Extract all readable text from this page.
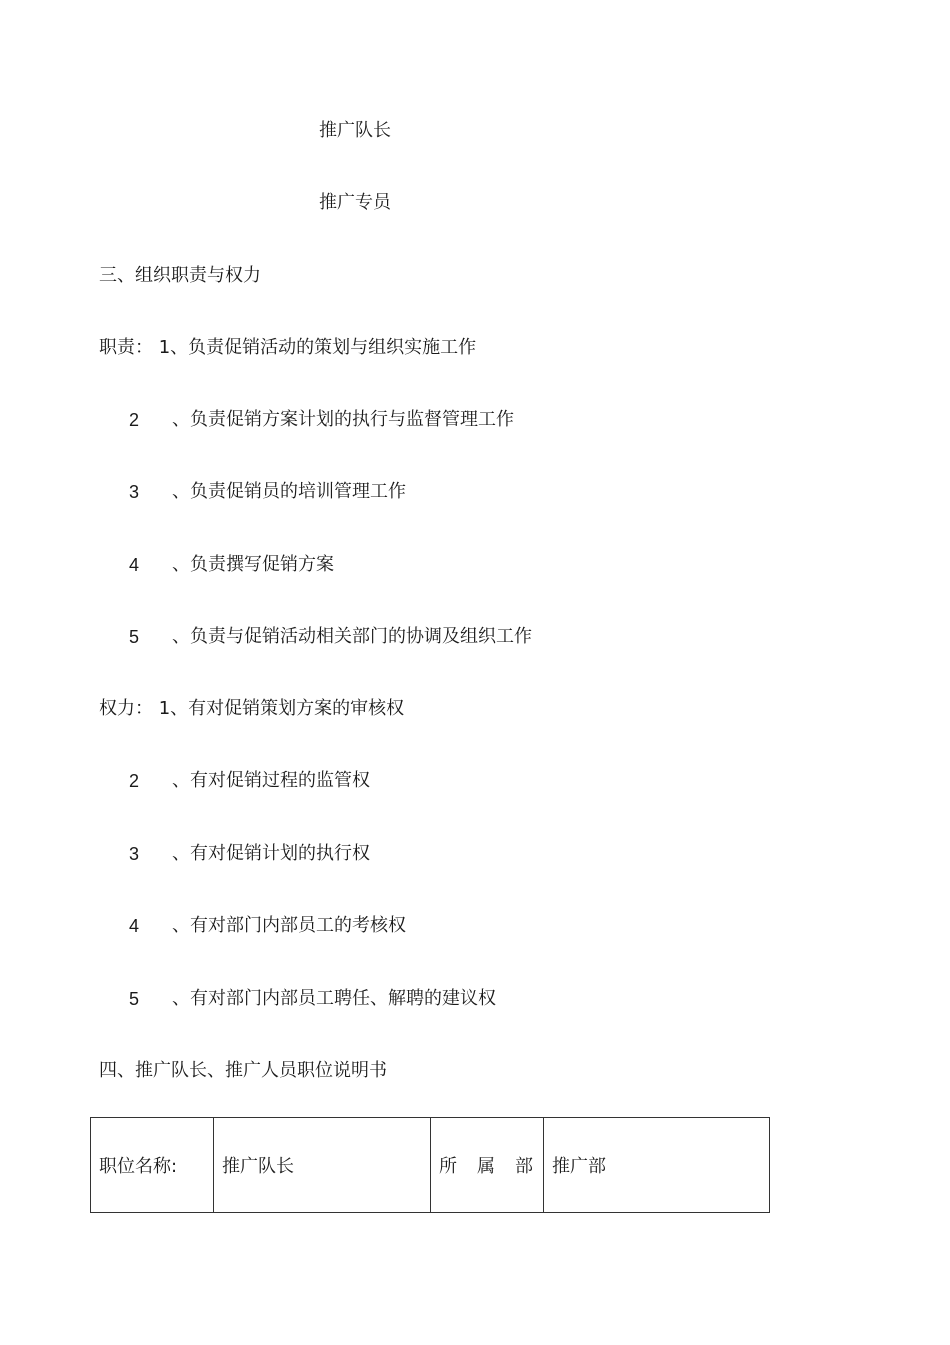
推广队长
推广专员
三、组织职责与权力
职责： 1、负责促销活动的策划与组织实施工作
2 、负责促销方案计划的执行与监督管理工作
3 、负责促销员的培训管理工作
4 、负责撰写促销方案
5 、负责与促销活动相关部门的协调及组织工作
权力： 1、有对促销策划方案的审核权
2 、有对促销过程的监管权
3 、有对促销计划的执行权
4 、有对部门内部员工的考核权
5 、有对部门内部员工聘任、解聘的建议权
四、推广队长、推广人员职位说明书
职位名称:	推广队长	所 属 部	推广部
